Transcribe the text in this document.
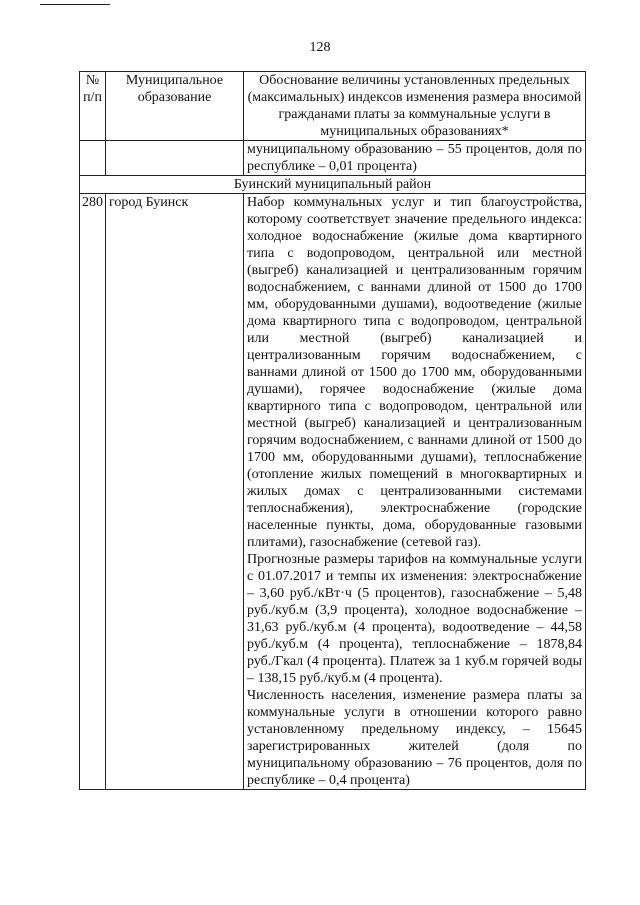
128
№ п/п	Муниципальное образование	Обоснование величины установленных предельных (максимальных) индексов изменения размера вносимой гражданами платы за коммунальные услуги в муниципальных образованиях*
		муниципальному образованию – 55 процентов, доля по республике – 0,01 процента)
Буинский муниципальный район		
280	город Буинск	Набор коммунальных услуг и тип благоустройства, которому соответствует значение предельного индекса: холодное водоснабжение (жилые дома квартирного типа с водопроводом, центральной или местной (выгреб) канализацией и централизованным горячим водоснабжением, с ваннами длиной от 1500 до 1700 мм, оборудованными душами), водоотведение (жилые дома квартирного типа с водопроводом, центральной или местной (выгреб) канализацией и централизованным горячим водоснабжением, с ваннами длиной от 1500 до 1700 мм, оборудованными душами), горячее водоснабжение (жилые дома квартирного типа с водопроводом, центральной или местной (выгреб) канализацией и централизованным горячим водоснабжением, с ваннами длиной от 1500 до 1700 мм, оборудованными душами), теплоснабжение (отопление жилых помещений в многоквартирных и жилых домах с централизованными системами теплоснабжения), электроснабжение (городские населенные пункты, дома, оборудованные газовыми плитами), газоснабжение (сетевой газ).

Прогнозные размеры тарифов на коммунальные услуги с 01.07.2017 и темпы их изменения: электроснабжение – 3,60 руб./кВт·ч (5 процентов), газоснабжение – 5,48 руб./куб.м (3,9 процента), холодное водоснабжение – 31,63 руб./куб.м (4 процента), водоотведение – 44,58 руб./куб.м (4 процента), теплоснабжение – 1878,84 руб./Гкал (4 процента). Платеж за 1 куб.м горячей воды – 138,15 руб./куб.м (4 процента).

Численность населения, изменение размера платы за коммунальные услуги в отношении которого равно установленному предельному индексу, – 15645 зарегистрированных жителей (доля по муниципальному образованию – 76 процентов, доля по республике – 0,4 процента)
